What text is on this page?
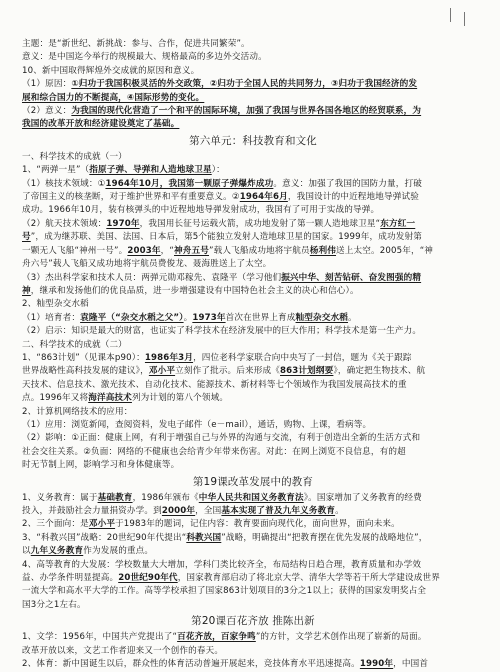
主题：是“新世纪、新挑战：参与、合作，促进共同繁荣”。
意义：是中国迄今举行的规模最大、规格最高的多边外交活动。
10、新中国取得辉煌外交成就的原因和意义。
（1）原因：①归功于我国积极灵活的外交政策，②归功于全国人民的共同努力，③归功于我国经济的发
展和综合国力的不断提高，④国际形势的变化。
（2）意义：为我国的现代化营造了一个和平的国际环境，加强了我国与世界各国各地区的经贸联系，为
我国的改革开放和经济建设奠定了基础。
第六单元：科技教育和文化
一、科学技术的成就（一）
1、“两弹一星”（指原子弹、导弹和人造地球卫星）：
（1）核技术领域：①1964年10月，我国第一颗原子弹爆炸成功。意义：加强了我国的国防力量，打破
了帝国主义的核垄断，对于维护世界和平有重要意义。②1964年6月，我国设计的中近程地地导弹试验
成功。1966年10月，装有核弹头的中近程地地导弹发射成功，我国有了可用于实战的导弹。
（2）航天技术领域：1970年，我国用长征号运载火箭，成功地发射了第一颗人造地球卫星“东方红一
号”，成为继苏联、美国、法国、日本后，第5个能独立发射人造地球卫星的国家。1999年，成功发射第
一颗无人飞船“神州一号”。2003年，“神舟五号”载人飞船成功地将宇航员杨利伟送上太空。2005年，“神
舟六号”载人飞船又成功地将宇航员费俊龙、聂海胜送上了太空。
（3）杰出科学家和技术人员：两弹元勋邓稼先、袁隆平（学习他们振兴中华、刻苦钻研、奋发图强的精
神，继承和发扬他们的优良品质，进一步增强建设有中国特色社会主义的决心和信心）。
2、籼型杂交水稻
（1）培育者：袁隆平（“杂交水稻之父”）。1973年首次在世界上育成籼型杂交水稻。
（2）启示：知识是最大的财富，也证实了科学技术在经济发展中的巨大作用；科学技术是第一生产力。
二、科学技术的成就（二）
1、“863计划”（见课本p90）：1986年3月，四位老科学家联合向中央写了一封信，题为《关于跟踪
世界战略性高科技发展的建议》，邓小平立刻作了批示。后来形成《863计划纲要》，确定把生物技术、航
天技术、信息技术、激光技术、自动化技术、能源技术、新材料等七个领域作为我国发展高技术的重
点。1996年又将海洋高技术列为计划的第八个领域。
2、计算机网络技术的应用：
（1）应用：浏览新闻，查阅资料，发电子邮件（e－mail），通话，购物、上课，看病等。
（2）影响：①正面：健康上网，有利于增强自己与外界的沟通与交流，有利于创造出全新的生活方式和
社会交往关系。②负面：网络的不健康也会给青少年带来伤害。对此：在网上浏览不良信息，有的超
时无节制上网，影响学习和身体健康等。
第19课改革发展中的教育
1、义务教育：属于基础教育，1986年颁布《中华人民共和国义务教育法》。国家增加了义务教育的经费
投入，并鼓励社会力量捐资办学。到2000年，全国基本实现了普及九年义务教育。
2、三个面向：是邓小平于1983年的题词，记住内容：教育要面向现代化，面向世界，面向未来。
3、“科教兴国”战略：20世纪90年代提出“科教兴国”战略，明确提出“把教育摆在优先发展的战略地位”，
以九年义务教育作为发展的重点。
4、高等教育的大发展：学校数量大大增加，学科门类比较齐全，布局结构日趋合理，教育质量和办学效
益、办学条件明显提高。20世纪90年代，国家教育部启动了将北京大学、清华大学等若干所大学建设成世界
一流大学和高水平大学的工作。高等学校承担了国家863计划项目的3分之1以上；获得的国家发明奖占全
国3分之1左右。
第20课百花齐放 推陈出新
1、文学：1956年，中国共产党提出了“百花齐放，百家争鸣”的方针，文学艺术创作出现了崭新的局面。
改革开放以来，文艺工作者迎来又一个创作的春天。
2、体育：新中国诞生以后，群众性的体育活动普遍开展起来，竞技体育水平迅速提高。1990年，中国首
